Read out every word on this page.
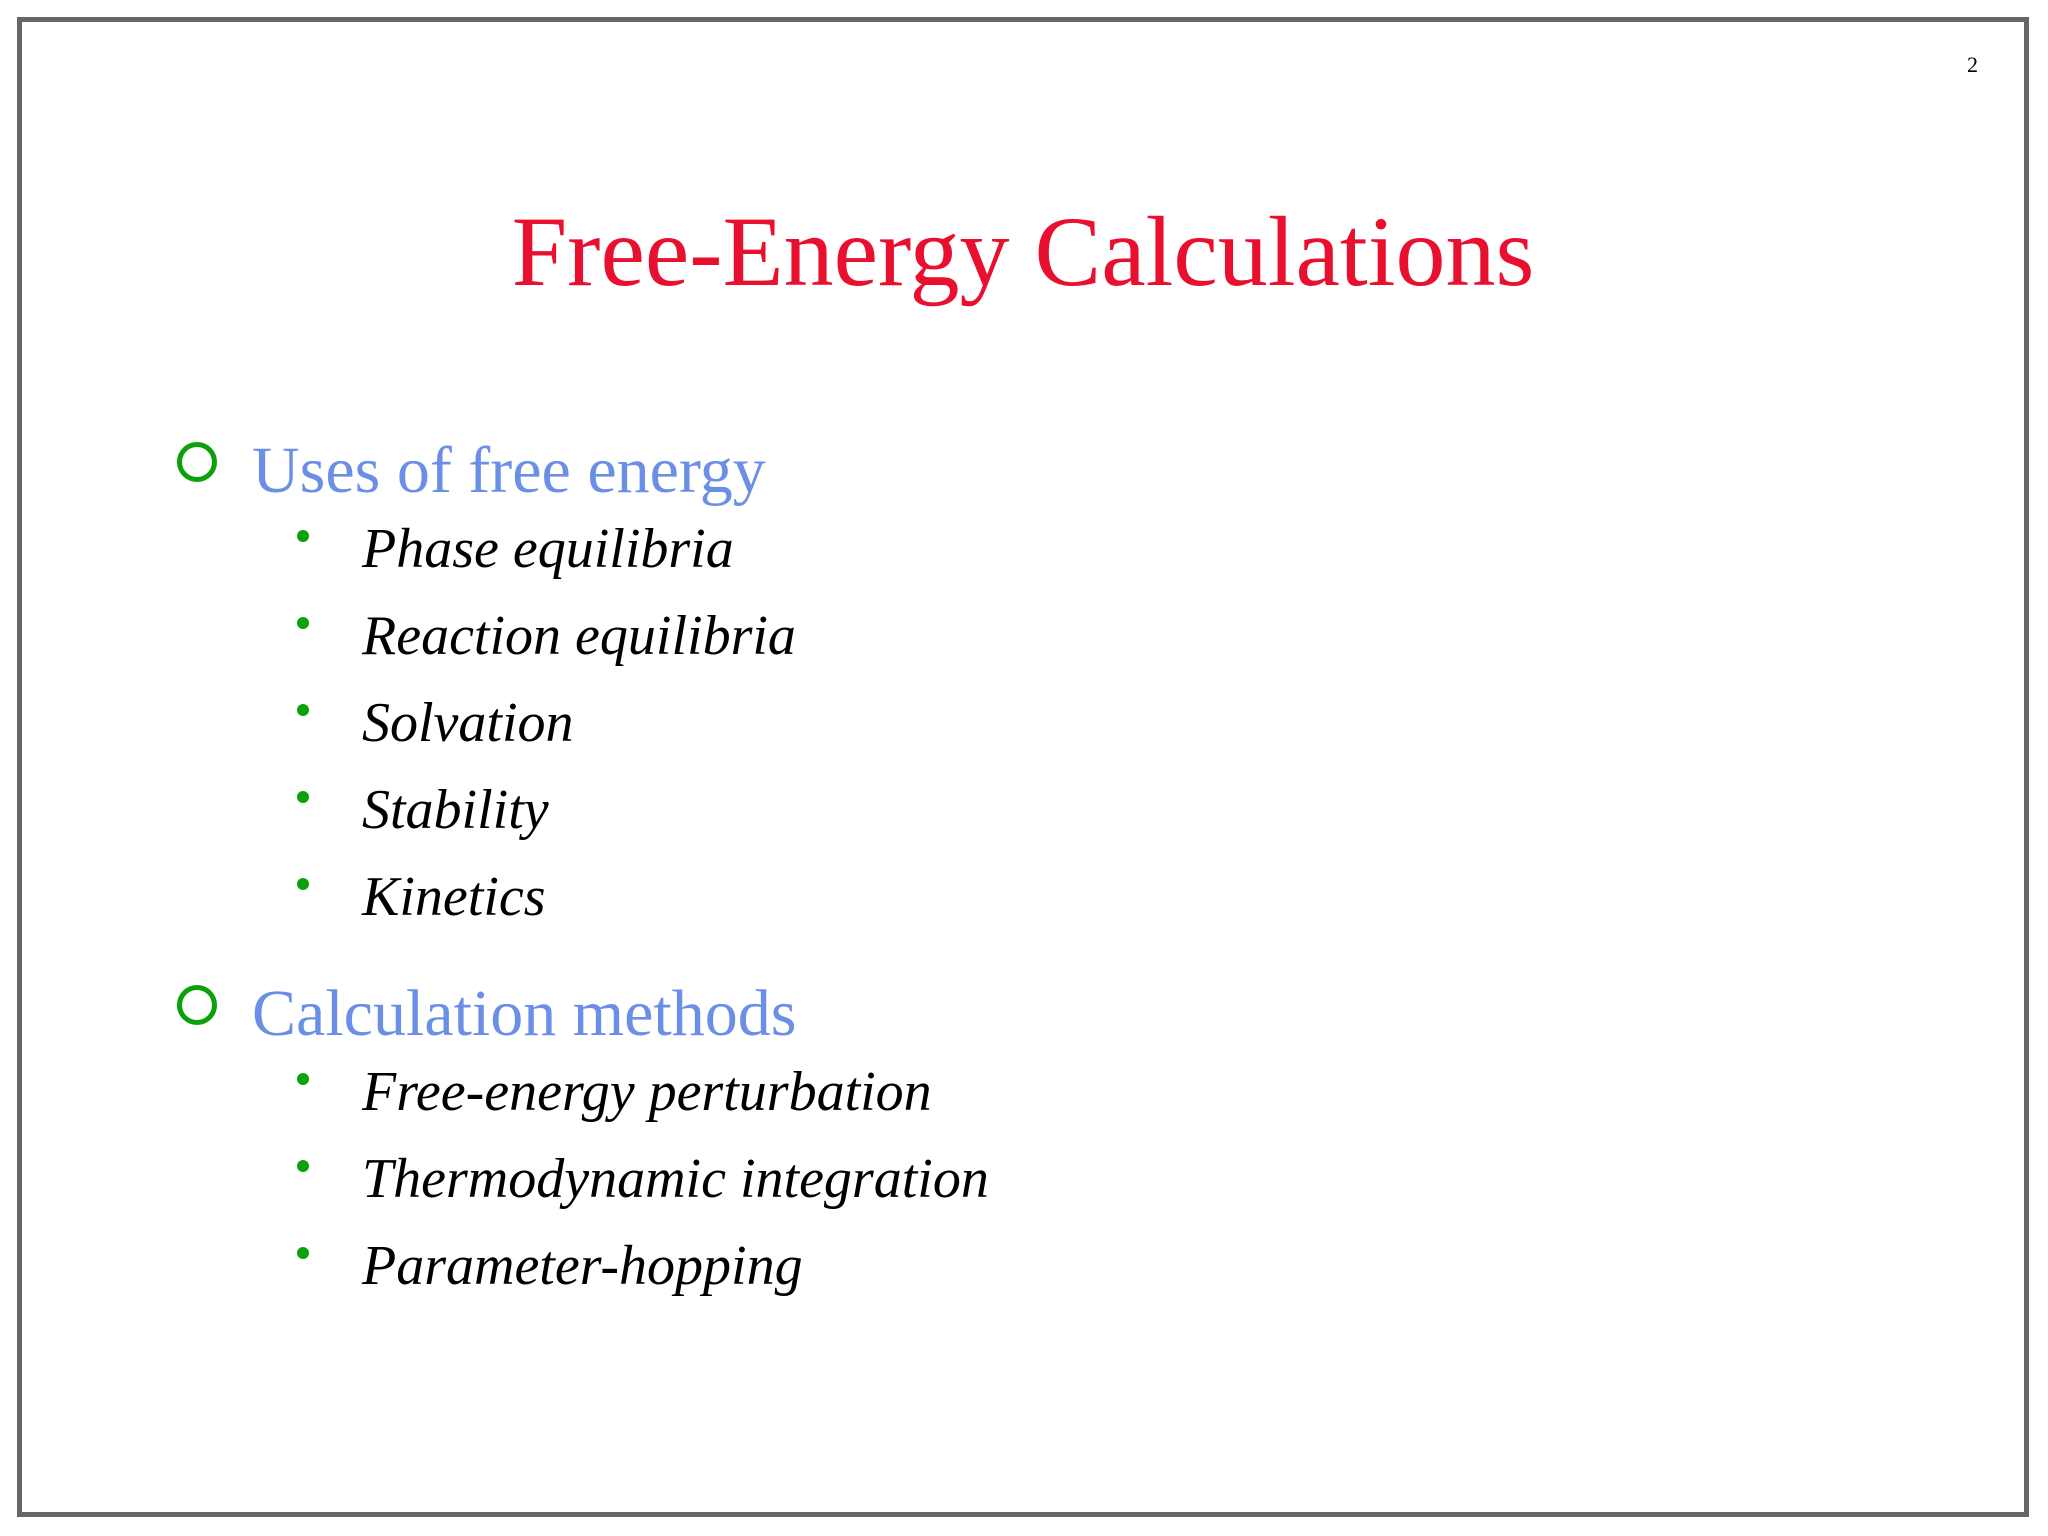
2
Free-Energy Calculations
Uses of free energy
Phase equilibria
Reaction equilibria
Solvation
Stability
Kinetics
Calculation methods
Free-energy perturbation
Thermodynamic integration
Parameter-hopping
